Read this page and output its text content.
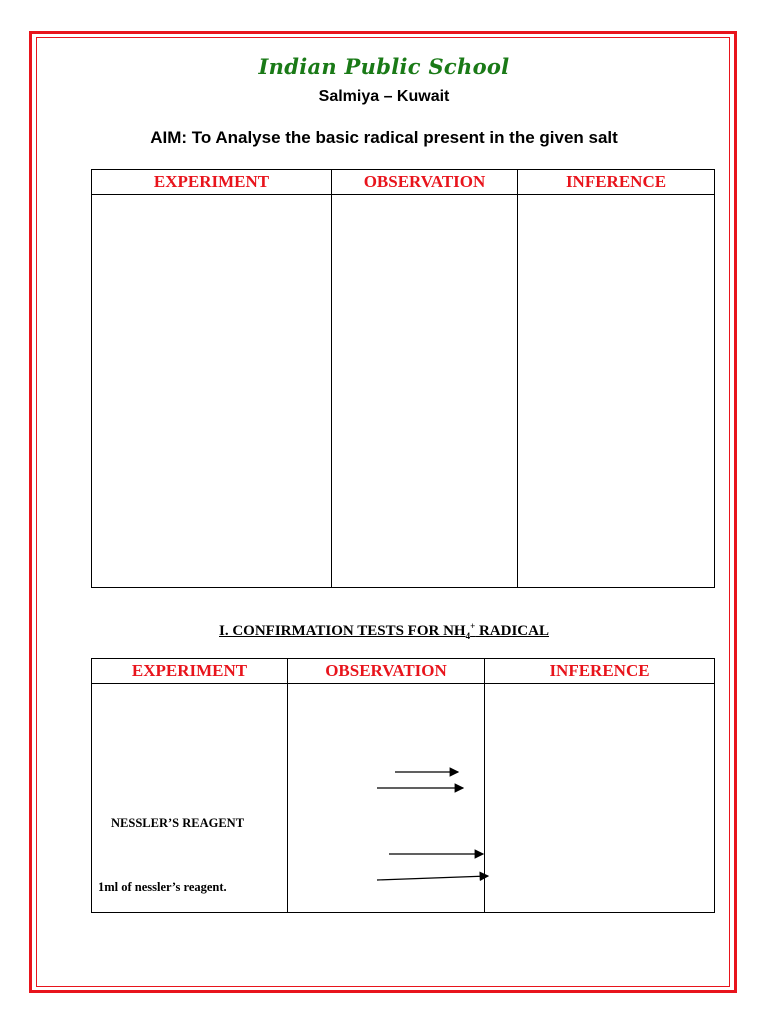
Indian Public School
Salmiya – Kuwait
AIM: To Analyse the basic radical present in the given salt
EXPERIMENT	OBSERVATION	INFERENCE

I. CONFIRMATION TESTS FOR $NH_4^+$ RADICAL
EXPERIMENT	OBSERVATION	INFERENCE

NESSLER’S REAGENT
1ml of nessler’s reagent.		
